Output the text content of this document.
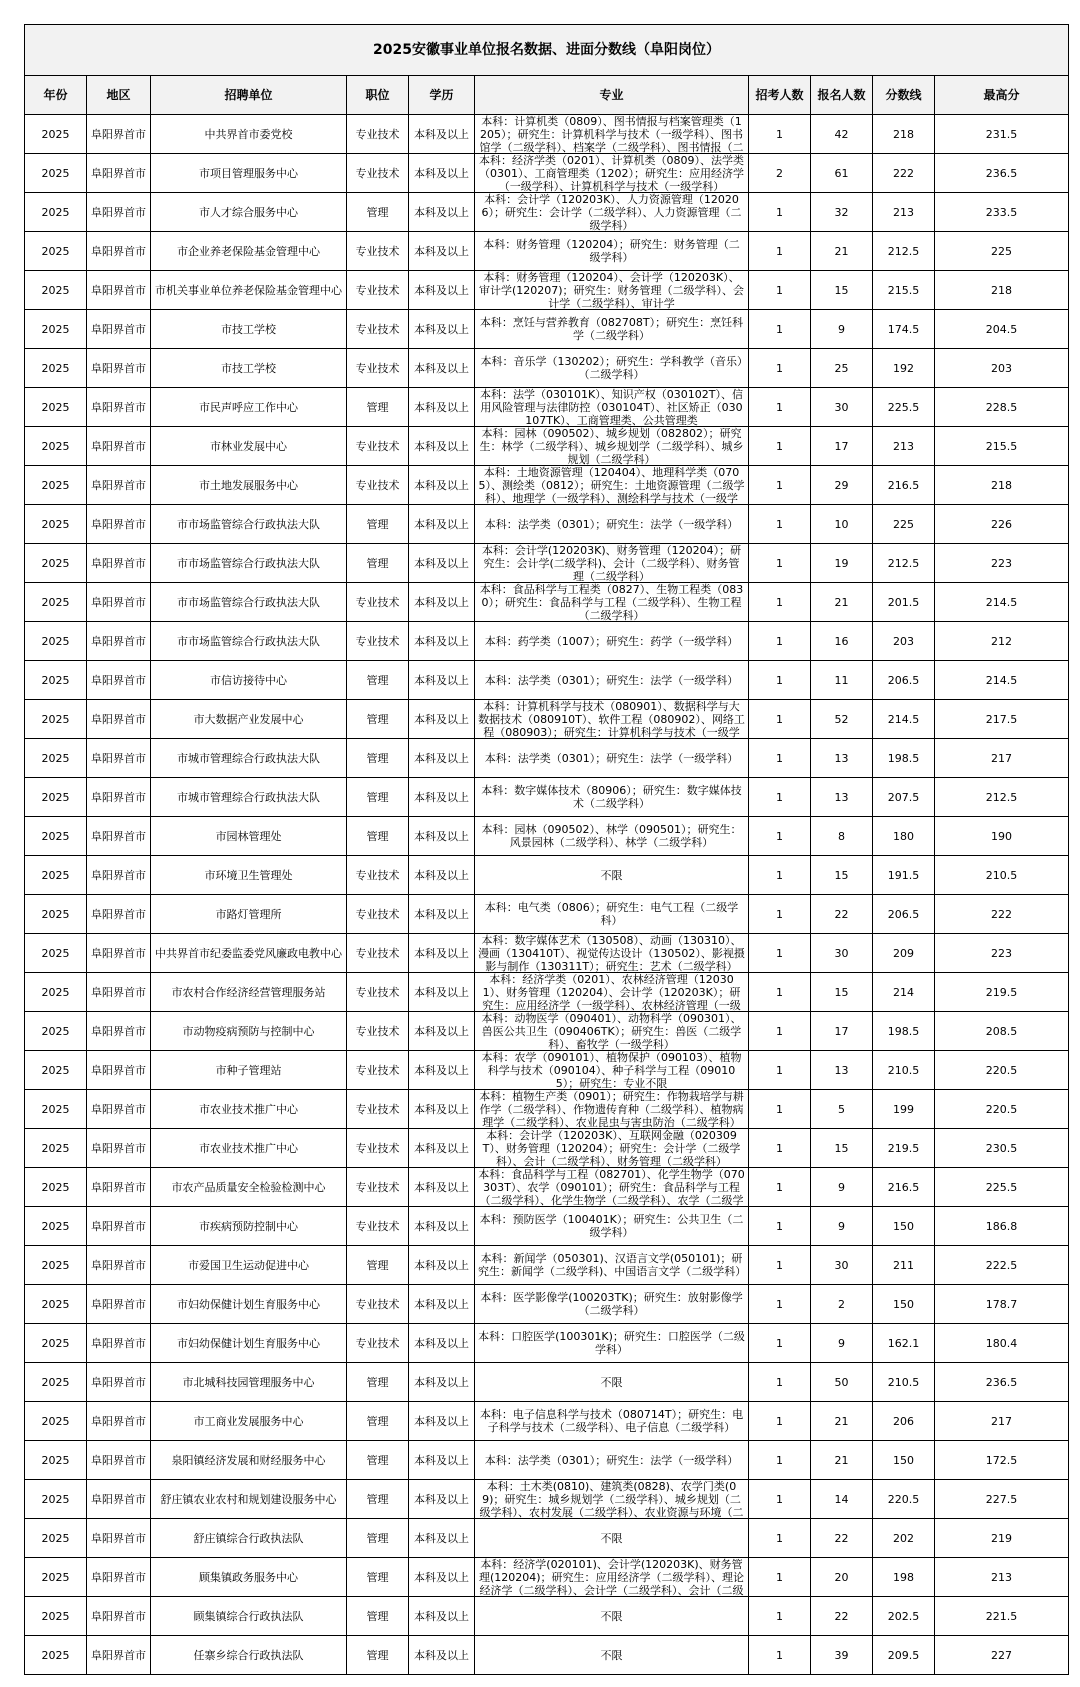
2025安徽事业单位报名数据、进面分数线（阜阳岗位）									
年份	地区	招聘单位	职位	学历	专业	招考人数	报名人数	分数线	最高分
2025	阜阳界首市	中共界首市委党校	专业技术	本科及以上	本科：计算机类（0809）、图书情报与档案管理类（1205）；研究生：计算机科学与技术（一级学科）、图书馆学（二级学科）、档案学（二级学科）、图书情报（二	1	42	218	231.5
2025	阜阳界首市	市项目管理服务中心	专业技术	本科及以上	本科：经济学类（0201）、计算机类（0809）、法学类（0301）、工商管理类（1202）；研究生：应用经济学（一级学科）、计算机科学与技术（一级学科）	2	61	222	236.5
2025	阜阳界首市	市人才综合服务中心	管理	本科及以上	本科：会计学（120203K）、人力资源管理（120206）；研究生：会计学（二级学科）、人力资源管理（二级学科）	1	32	213	233.5
2025	阜阳界首市	市企业养老保险基金管理中心	专业技术	本科及以上	本科：财务管理（120204）；研究生：财务管理（二级学科）	1	21	212.5	225
2025	阜阳界首市	市机关事业单位养老保险基金管理中心	专业技术	本科及以上	本科：财务管理（120204）、会计学（120203K）、审计学(120207)；研究生：财务管理（二级学科）、会计学（二级学科）、审计学	1	15	215.5	218
2025	阜阳界首市	市技工学校	专业技术	本科及以上	本科：烹饪与营养教育（082708T）；研究生：烹饪科学（二级学科）	1	9	174.5	204.5
2025	阜阳界首市	市技工学校	专业技术	本科及以上	本科：音乐学（130202）；研究生：学科教学（音乐）（二级学科）	1	25	192	203
2025	阜阳界首市	市民声呼应工作中心	管理	本科及以上	本科：法学（030101K）、知识产权（030102T）、信用风险管理与法律防控（030104T）、社区矫正（030107TK）、工商管理类、公共管理类	1	30	225.5	228.5
2025	阜阳界首市	市林业发展中心	专业技术	本科及以上	本科：园林（090502）、城乡规划（082802）；研究生：林学（二级学科）、城乡规划学（二级学科）、城乡规划（二级学科）	1	17	213	215.5
2025	阜阳界首市	市土地发展服务中心	专业技术	本科及以上	本科：土地资源管理（120404）、地理科学类（0705）、测绘类（0812）；研究生：土地资源管理（二级学科）、地理学（一级学科）、测绘科学与技术（一级学	1	29	216.5	218
2025	阜阳界首市	市市场监管综合行政执法大队	管理	本科及以上	本科：法学类（0301）；研究生：法学（一级学科）	1	10	225	226
2025	阜阳界首市	市市场监管综合行政执法大队	管理	本科及以上	本科：会计学(120203K)、财务管理（120204）；研究生：会计学(二级学科)、会计（二级学科）、财务管理（二级学科）	1	19	212.5	223
2025	阜阳界首市	市市场监管综合行政执法大队	专业技术	本科及以上	本科：食品科学与工程类（0827）、生物工程类（0830）；研究生：食品科学与工程（二级学科）、生物工程（二级学科）	1	21	201.5	214.5
2025	阜阳界首市	市市场监管综合行政执法大队	专业技术	本科及以上	本科：药学类（1007）；研究生：药学（一级学科）	1	16	203	212
2025	阜阳界首市	市信访接待中心	管理	本科及以上	本科：法学类（0301）；研究生：法学（一级学科）	1	11	206.5	214.5
2025	阜阳界首市	市大数据产业发展中心	管理	本科及以上	本科：计算机科学与技术（080901）、数据科学与大数据技术（080910T）、软件工程（080902）、网络工程（080903）；研究生：计算机科学与技术（一级学	1	52	214.5	217.5
2025	阜阳界首市	市城市管理综合行政执法大队	管理	本科及以上	本科：法学类（0301）；研究生：法学（一级学科）	1	13	198.5	217
2025	阜阳界首市	市城市管理综合行政执法大队	管理	本科及以上	本科：数字媒体技术（80906）；研究生：数字媒体技术（二级学科）	1	13	207.5	212.5
2025	阜阳界首市	市园林管理处	管理	本科及以上	本科：园林（090502）、林学（090501）；研究生：风景园林（二级学科）、林学（二级学科）	1	8	180	190
2025	阜阳界首市	市环境卫生管理处	专业技术	本科及以上	不限	1	15	191.5	210.5
2025	阜阳界首市	市路灯管理所	专业技术	本科及以上	本科：电气类（0806）；研究生：电气工程（二级学科）	1	22	206.5	222
2025	阜阳界首市	中共界首市纪委监委党风廉政电教中心	专业技术	本科及以上	本科：数字媒体艺术（130508）、动画（130310）、漫画（130410T）、视觉传达设计（130502）、影视摄影与制作（130311T）；研究生：艺术（二级学科）	1	30	209	223
2025	阜阳界首市	市农村合作经济经营管理服务站	专业技术	本科及以上	本科：经济学类（0201）、农林经济管理（120301）、财务管理（120204）、会计学（120203K）；研究生：应用经济学（一级学科）、农林经济管理（一级	1	15	214	219.5
2025	阜阳界首市	市动物疫病预防与控制中心	专业技术	本科及以上	本科：动物医学（090401）、动物科学（090301）、兽医公共卫生（090406TK）；研究生：兽医（二级学科）、畜牧学（一级学科）	1	17	198.5	208.5
2025	阜阳界首市	市种子管理站	专业技术	本科及以上	本科：农学（090101）、植物保护（090103）、植物科学与技术（090104）、种子科学与工程（090105）；研究生：专业不限	1	13	210.5	220.5
2025	阜阳界首市	市农业技术推广中心	专业技术	本科及以上	本科：植物生产类（0901）；研究生：作物栽培学与耕作学（二级学科）、作物遗传育种（二级学科）、植物病理学（二级学科）、农业昆虫与害虫防治（二级学科）	1	5	199	220.5
2025	阜阳界首市	市农业技术推广中心	专业技术	本科及以上	本科：会计学（120203K）、互联网金融（020309T）、财务管理（120204）；研究生：会计学（二级学科）、会计（二级学科）、财务管理（二级学科）	1	15	219.5	230.5
2025	阜阳界首市	市农产品质量安全检验检测中心	专业技术	本科及以上	本科：食品科学与工程（082701）、化学生物学（070303T）、农学（090101）；研究生：食品科学与工程（二级学科）、化学生物学（二级学科）、农学（二级学	1	9	216.5	225.5
2025	阜阳界首市	市疾病预防控制中心	专业技术	本科及以上	本科：预防医学（100401K）；研究生：公共卫生（二级学科）	1	9	150	186.8
2025	阜阳界首市	市爱国卫生运动促进中心	管理	本科及以上	本科：新闻学（050301)、汉语言文学(050101)；研究生：新闻学（二级学科)、中国语言文学（二级学科）	1	30	211	222.5
2025	阜阳界首市	市妇幼保健计划生育服务中心	专业技术	本科及以上	本科：医学影像学(100203TK)；研究生：放射影像学（二级学科）	1	2	150	178.7
2025	阜阳界首市	市妇幼保健计划生育服务中心	专业技术	本科及以上	本科：口腔医学(100301K)；研究生：口腔医学（二级学科）	1	9	162.1	180.4
2025	阜阳界首市	市北城科技园管理服务中心	管理	本科及以上	不限	1	50	210.5	236.5
2025	阜阳界首市	市工商业发展服务中心	管理	本科及以上	本科：电子信息科学与技术（080714T）；研究生：电子科学与技术（二级学科）、电子信息（二级学科）	1	21	206	217
2025	阜阳界首市	泉阳镇经济发展和财经服务中心	管理	本科及以上	本科：法学类（0301）；研究生：法学（一级学科）	1	21	150	172.5
2025	阜阳界首市	舒庄镇农业农村和规划建设服务中心	管理	本科及以上	本科：土木类(0810)、建筑类(0828)、农学门类(09)；研究生：城乡规划学（二级学科）、城乡规划（二级学科）、农村发展（二级学科）、农业资源与环境（二	1	14	220.5	227.5
2025	阜阳界首市	舒庄镇综合行政执法队	管理	本科及以上	不限	1	22	202	219
2025	阜阳界首市	顾集镇政务服务中心	管理	本科及以上	本科：经济学(020101)、会计学(120203K)、财务管理(120204)；研究生：应用经济学（二级学科）、理论经济学（二级学科）、会计学（二级学科）、会计（二级	1	20	198	213
2025	阜阳界首市	顾集镇综合行政执法队	管理	本科及以上	不限	1	22	202.5	221.5
2025	阜阳界首市	任寨乡综合行政执法队	管理	本科及以上	不限	1	39	209.5	227
